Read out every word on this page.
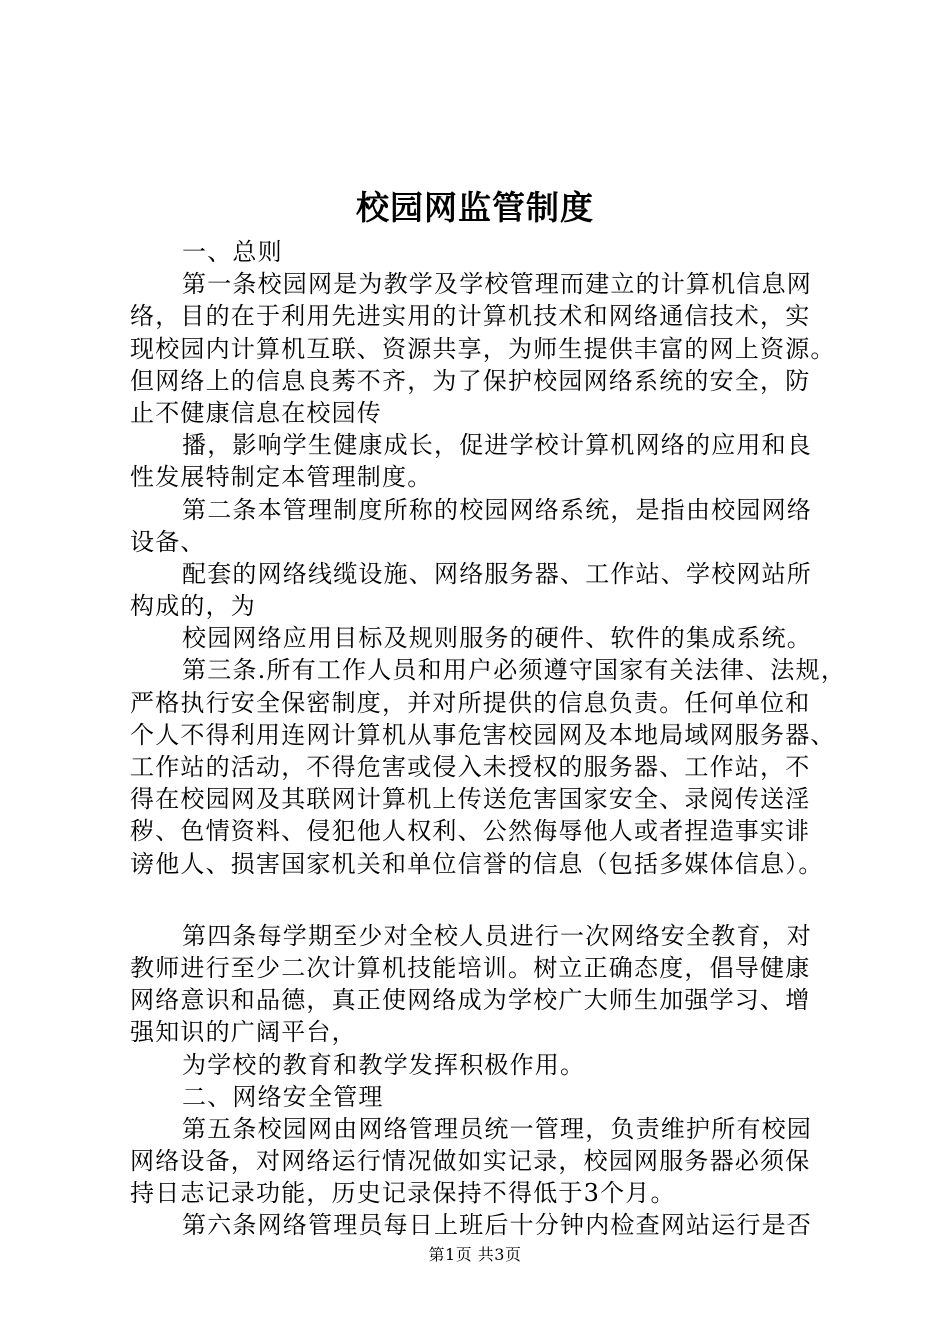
校园网监管制度
一、总则
第一条校园网是为教学及学校管理而建立的计算机信息网
络，目的在于利用先进实用的计算机技术和网络通信技术，实
现校园内计算机互联、资源共享，为师生提供丰富的网上资源。
但网络上的信息良莠不齐，为了保护校园网络系统的安全，防
止不健康信息在校园传
播，影响学生健康成长，促进学校计算机网络的应用和良
性发展特制定本管理制度。
第二条本管理制度所称的校园网络系统，是指由校园网络
设备、
配套的网络线缆设施、网络服务器、工作站、学校网站所
构成的，为
校园网络应用目标及规则服务的硬件、软件的集成系统。
第三条.所有工作人员和用户必须遵守国家有关法律、法规，
严格执行安全保密制度，并对所提供的信息负责。任何单位和
个人不得利用连网计算机从事危害校园网及本地局域网服务器、
工作站的活动，不得危害或侵入未授权的服务器、工作站，不
得在校园网及其联网计算机上传送危害国家安全、录阅传送淫
秽、色情资料、侵犯他人权利、公然侮辱他人或者捏造事实诽
谤他人、损害国家机关和单位信誉的信息（包括多媒体信息）。
第四条每学期至少对全校人员进行一次网络安全教育，对
教师进行至少二次计算机技能培训。树立正确态度，倡导健康
网络意识和品德，真正使网络成为学校广大师生加强学习、增
强知识的广阔平台，
为学校的教育和教学发挥积极作用。
二、网络安全管理
第五条校园网由网络管理员统一管理，负责维护所有校园
网络设备，对网络运行情况做如实记录，校园网服务器必须保
持日志记录功能，历史记录保持不得低于3个月。
第六条网络管理员每日上班后十分钟内检查网站运行是否
第1页 共3页
